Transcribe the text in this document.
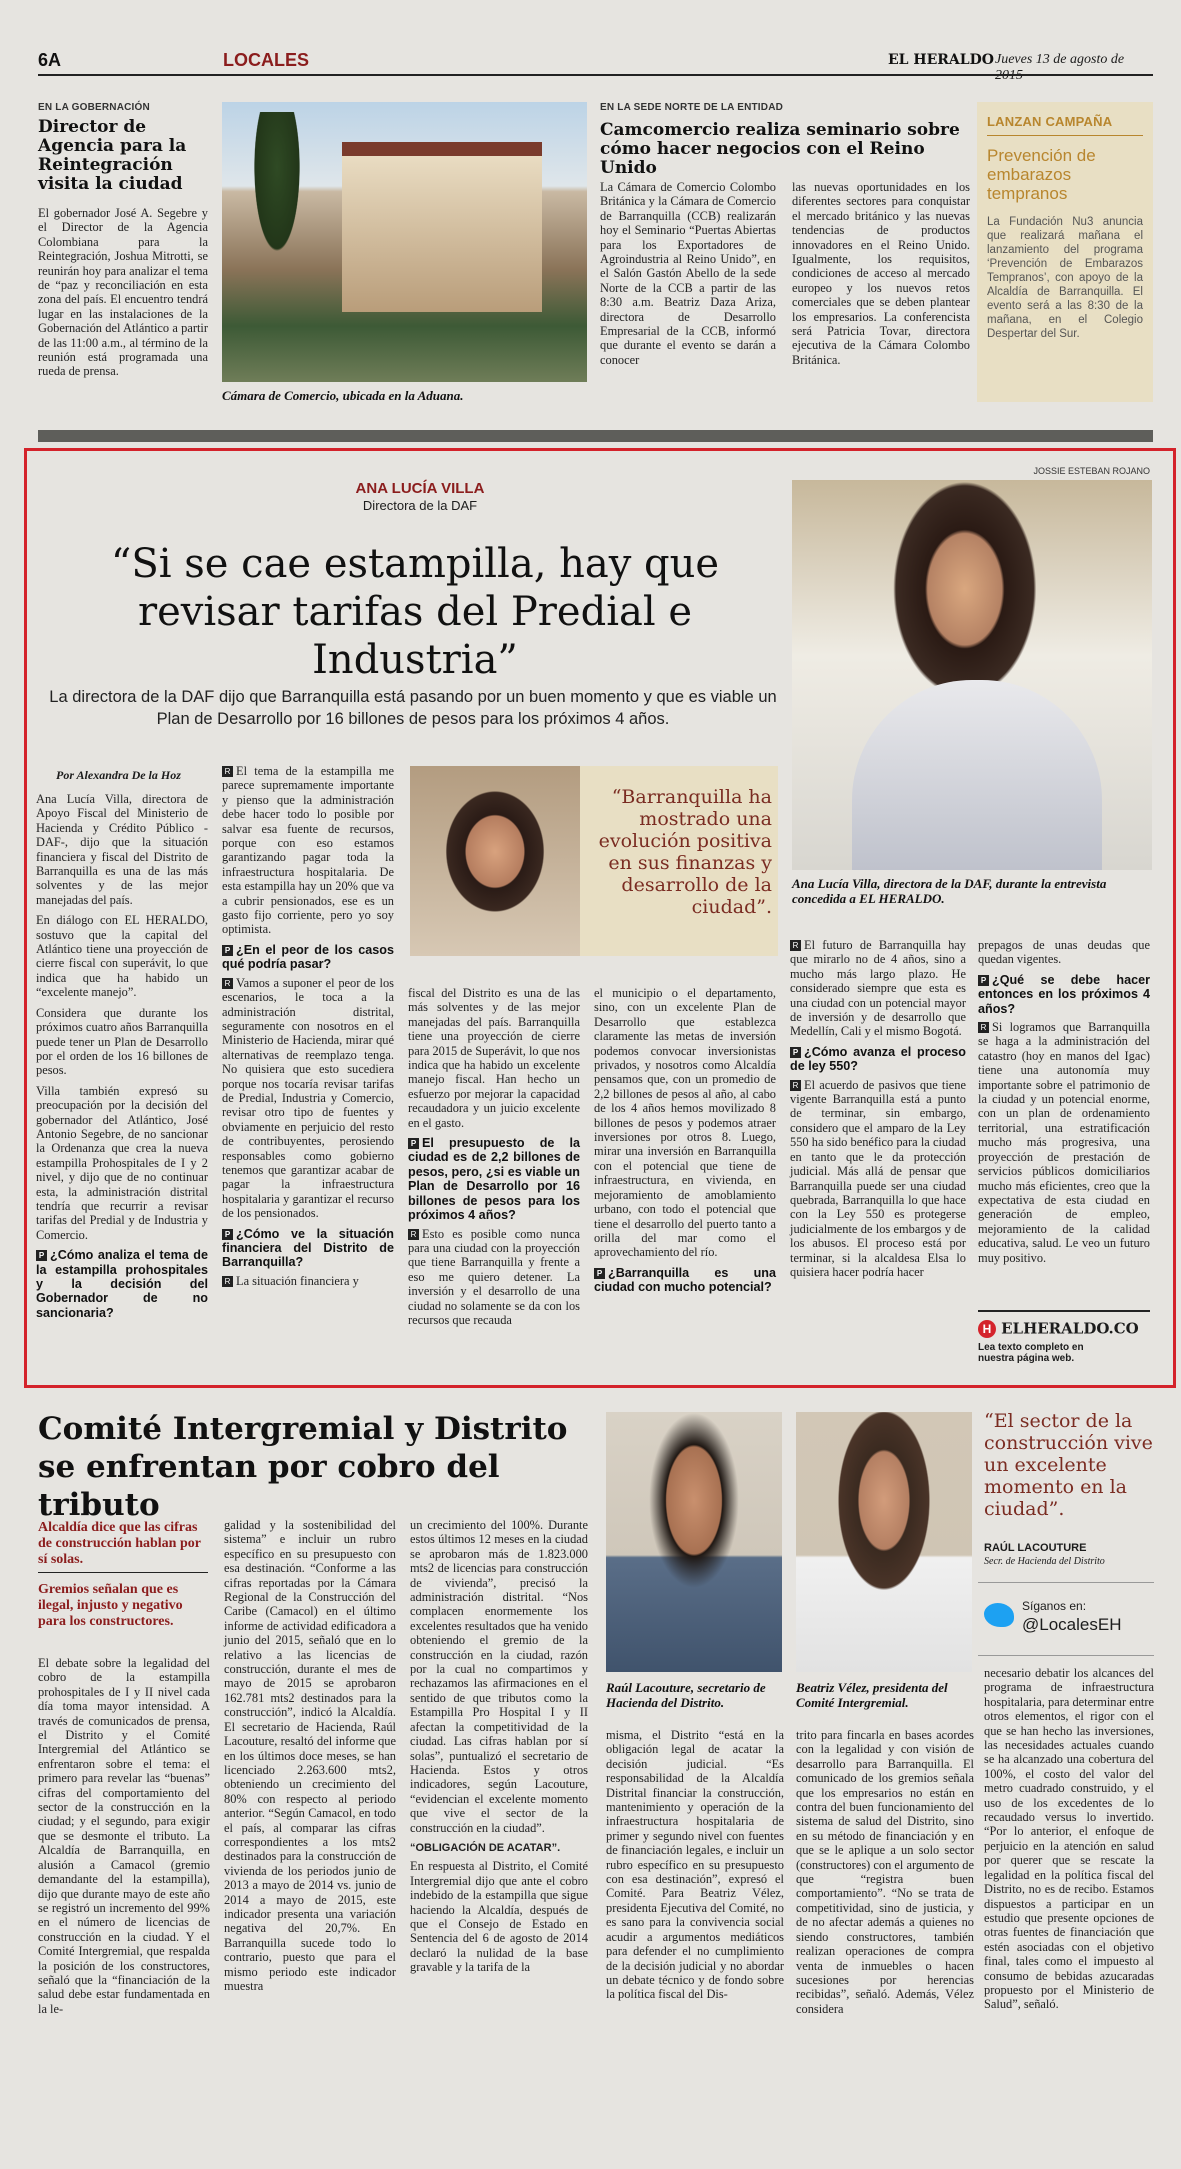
6A	LOCALES	EL HERALDO Jueves 13 de agosto de
EN LA GOBERNACIÓN
Director de Agencia para la Reintegración visita la ciudad
El gobernador José A. Segebre y el Director de la Agencia Colombiana para la Reintegración, Joshua Mitrotti, se reunirán hoy para analizar el tema de “paz y reconciliación en esta zona del país. El encuentro tendrá lugar en las instalaciones de la Gobernación del Atlántico a partir de las 11:00 a.m., al término de la reunión está programada una rueda de prensa.
Cámara de Comercio, ubicada en la Aduana.
EN LA SEDE NORTE DE LA ENTIDAD
Camcomercio realiza seminario sobre cómo hacer negocios con el Reino Unido
La Cámara de Comercio Colombo Británica y la Cámara de Comercio de Barranquilla (CCB) realizarán hoy el Seminario “Puertas Abiertas para los Exportadores de Agroindustria al Reino Unido”, en el Salón Gastón Abello de la sede Norte de la CCB a partir de las 8:30 a.m. Beatriz Daza Ariza, directora de Desarrollo Empresarial de la CCB, informó que durante el evento se darán a conocer
las nuevas oportunidades en los diferentes sectores para conquistar el mercado británico y las nuevas tendencias de productos innovadores en el Reino Unido. Igualmente, los requisitos, condiciones de acceso al mercado europeo y los nuevos retos comerciales que se deben plantear los empresarios. La conferencista será Patricia Tovar, directora ejecutiva de la Cámara Colombo Británica.
LANZAN CAMPAÑA
Prevención de embarazos tempranos
La Fundación Nu3 anuncia que realizará mañana el lanzamiento del programa ‘Prevención de Embarazos Tempranos’, con apoyo de la Alcaldía de Barranquilla. El evento será a las 8:30 de la mañana, en el Colegio Despertar del Sur.
ANA LUCÍA VILLA
Directora de la DAF
“Si se cae estampilla, hay que revisar tarifas del Predial e Industria”
La directora de la DAF dijo que Barranquilla está pasando por un buen momento y que es viable un Plan de Desarrollo por 16 billones de pesos para los próximos 4 años.
JOSSIE ESTEBAN ROJANO
Ana Lucía Villa, directora de la DAF, durante la entrevista concedida a EL HERALDO.
Por Alexandra De la Hoz

Ana Lucía Villa, directora de Apoyo Fiscal del Ministerio de Hacienda y Crédito Público -DAF-, dijo que la situación financiera y fiscal del Distrito de Barranquilla es una de las más solventes y de las mejor manejadas del país.

En diálogo con EL HERALDO, sostuvo que la capital del Atlántico tiene una proyección de cierre fiscal con superávit, lo que indica que ha habido un “excelente manejo”.

Considera que durante los próximos cuatro años Barranquilla puede tener un Plan de Desarrollo por el orden de los 16 billones de pesos.

Villa también expresó su preocupación por la decisión del gobernador del Atlántico, José Antonio Segebre, de no sancionar la Ordenanza que crea la nueva estampilla Prohospitales de I y 2 nivel, y dijo que de no continuar esta, la administración distrital tendría que recurrir a revisar tarifas del Predial y de Industria y Comercio.

P ¿Cómo analiza el tema de la estampilla prohospitales y la decisión del Gobernador de no sancionaria?

R El tema de la estampilla me parece supremamente importante y pienso que la administración debe hacer todo lo posible por salvar esa fuente de recursos, porque con eso estamos garantizando pagar toda la infraestructura hospitalaria. De esta estampilla hay un 20% que va a cubrir pensionados, ese es un gasto fijo corriente, pero yo soy optimista.

P ¿En el peor de los casos qué podría pasar?

R Vamos a suponer el peor de los escenarios, le toca a la administración distrital, seguramente con nosotros en el Ministerio de Hacienda, mirar qué alternativas de reemplazo tenga. No quisiera que esto sucediera porque nos tocaría revisar tarifas de Predial, Industria y Comercio, revisar otro tipo de fuentes y obviamente en perjuicio del resto de contribuyentes, perosiendo responsables como gobierno tenemos que garantizar acabar de pagar la infraestructura hospitalaria y garantizar el recurso de los pensionados.

P ¿Cómo ve la situación financiera del Distrito de Barranquilla?

R La situación financiera y

“Barranquilla ha mostrado una evolución positiva en sus finanzas y desarrollo de la ciudad”.

fiscal del Distrito es una de las más solventes y de las mejor manejadas del país. Barranquilla tiene una proyección de cierre para 2015 de Superávit, lo que nos indica que ha habido un excelente manejo fiscal. Han hecho un esfuerzo por mejorar la capacidad recaudadora y un juicio excelente en el gasto.

P El presupuesto de la ciudad es de 2,2 billones de pesos, pero, ¿si es viable un Plan de Desarrollo por 16 billones de pesos para los próximos 4 años?

R Esto es posible como nunca para una ciudad con la proyección que tiene Barranquilla y frente a eso me quiero detener. La inversión y el desarrollo de una ciudad no solamente se da con los recursos que recauda

el municipio o el departamento, sino, con un excelente Plan de Desarrollo que establezca claramente las metas de inversión podemos convocar inversionistas privados, y nosotros como Alcaldía pensamos que, con un promedio de 2,2 billones de pesos al año, al cabo de los 4 años hemos movilizado 8 billones de pesos y podemos atraer inversiones por otros 8. Luego, mirar una inversión en Barranquilla con el potencial que tiene de infraestructura, en vivienda, en mejoramiento de amoblamiento urbano, con todo el potencial que tiene el desarrollo del puerto tanto a orilla del mar como el aprovechamiento del río.

P ¿Barranquilla es una ciudad con mucho potencial?

R El futuro de Barranquilla hay que mirarlo no de 4 años, sino a mucho más largo plazo. He considerado siempre que esta es una ciudad con un potencial mayor de inversión y de desarrollo que Medellín, Cali y el mismo Bogotá.

P ¿Cómo avanza el proceso de ley 550?

R El acuerdo de pasivos que tiene vigente Barranquilla está a punto de terminar, sin embargo, considero que el amparo de la Ley 550 ha sido benéfico para la ciudad en tanto que le da protección judicial. Más allá de pensar que Barranquilla puede ser una ciudad quebrada, Barranquilla lo que hace con la Ley 550 es protegerse judicialmente de los embargos y de los abusos. El proceso está por terminar, si la alcaldesa Elsa lo quisiera hacer podría hacer

prepagos de unas deudas que quedan vigentes.

P ¿Qué se debe hacer entonces en los próximos 4 años?

R Si logramos que Barranquilla se haga a la administración del catastro (hoy en manos del Igac) tiene una autonomía muy importante sobre el patrimonio de la ciudad y un potencial enorme, con un plan de ordenamiento territorial, una estratificación mucho más progresiva, una proyección de prestación de servicios públicos domiciliarios mucho más eficientes, creo que la expectativa de esta ciudad en generación de empleo, mejoramiento de la calidad educativa, salud. Le veo un futuro muy positivo.

H ELHERALDO.CO
Lea texto completo en nuestra página web.
Comité Intergremial y Distrito se enfrentan por cobro del tributo
Alcaldía dice que las cifras de construcción hablan por sí solas.
Gremios señalan que es ilegal, injusto y negativo para los constructores.
El debate sobre la legalidad del cobro de la estampilla prohospitales de I y II nivel cada día toma mayor intensidad. A través de comunicados de prensa, el Distrito y el Comité Intergremial del Atlántico se enfrentaron sobre el tema: el primero para revelar las “buenas” cifras del comportamiento del sector de la construcción en la ciudad; y el segundo, para exigir que se desmonte el tributo. La Alcaldía de Barranquilla, en alusión a Camacol (gremio demandante del la estampilla), dijo que durante mayo de este año se registró un incremento del 99% en el número de licencias de construcción en la ciudad. Y el Comité Intergremial, que respalda la posición de los constructores, señaló que la “financiación de la salud debe estar fundamentada en la le-
galidad y la sostenibilidad del sistema” e incluir un rubro específico en su presupuesto con esa destinación. “Conforme a las cifras reportadas por la Cámara Regional de la Construcción del Caribe (Camacol) en el último informe de actividad edificadora a junio del 2015, señaló que en lo relativo a las licencias de construcción, durante el mes de mayo de 2015 se aprobaron 162.781 mts2 destinados para la construcción”, indicó la Alcaldía. El secretario de Hacienda, Raúl Lacouture, resaltó del informe que en los últimos doce meses, se han licenciado 2.263.600 mts2, obteniendo un crecimiento del 80% con respecto al periodo anterior. “Según Camacol, en todo el país, al comparar las cifras correspondientes a los mts2 destinados para la construcción de vivienda de los periodos junio de 2013 a mayo de 2014 vs. junio de 2014 a mayo de 2015, este indicador presenta una variación negativa del 20,7%. En Barranquilla sucede todo lo contrario, puesto que para el mismo periodo este indicador muestra

un crecimiento del 100%. Durante estos últimos 12 meses en la ciudad se aprobaron más de 1.823.000 mts2 de licencias para construcción de vivienda”, precisó la administración distrital. “Nos complacen enormemente los excelentes resultados que ha venido obteniendo el gremio de la construcción en la ciudad, razón por la cual no compartimos y rechazamos las afirmaciones en el sentido de que tributos como la Estampilla Pro Hospital I y II afectan la competitividad de la ciudad. Las cifras hablan por sí solas”, puntualizó el secretario de Hacienda. Estos y otros indicadores, según Lacouture, “evidencian el excelente momento que vive el sector de la construcción en la ciudad”.

“OBLIGACIÓN DE ACATAR”.

En respuesta al Distrito, el Comité Intergremial dijo que ante el cobro indebido de la estampilla que sigue haciendo la Alcaldía, después de que el Consejo de Estado en Sentencia del 6 de agosto de 2014 declaró la nulidad de la base gravable y la tarifa de la

Raúl Lacouture, secretario de Hacienda del Distrito.
Beatriz Vélez, presidenta del Comité Intergremial.
misma, el Distrito “está en la obligación legal de acatar la decisión judicial. “Es responsabilidad de la Alcaldía Distrital financiar la construcción, mantenimiento y operación de la infraestructura hospitalaria de primer y segundo nivel con fuentes de financiación legales, e incluir un rubro específico en su presupuesto con esa destinación”, expresó el Comité. Para Beatriz Vélez, presidenta Ejecutiva del Comité, no es sano para la convivencia social acudir a argumentos mediáticos para defender el no cumplimiento de la decisión judicial y no abordar un debate técnico y de fondo sobre la política fiscal del Dis-
trito para fincarla en bases acordes con la legalidad y con visión de desarrollo para Barranquilla. El comunicado de los gremios señala que los empresarios no están en contra del buen funcionamiento del sistema de salud del Distrito, sino en su método de financiación y en que se le aplique a un solo sector (constructores) con el argumento de que “registra buen comportamiento”. “No se trata de competitividad, sino de justicia, y de no afectar además a quienes no siendo constructores, también realizan operaciones de compra venta de inmuebles o hacen sucesiones por herencias recibidas”, señaló. Además, Vélez considera
“El sector de la construcción vive un excelente momento en la ciudad”.
RAÚL LACOUTURE
Secr. de Hacienda del Distrito
Síganos en:
@LocalesEH
necesario debatir los alcances del programa de infraestructura hospitalaria, para determinar entre otros elementos, el rigor con el que se han hecho las inversiones, las necesidades actuales cuando se ha alcanzado una cobertura del 100%, el costo del valor del metro cuadrado construido, y el uso de los excedentes de lo recaudado versus lo invertido. “Por lo anterior, el enfoque de perjuicio en la atención en salud por querer que se rescate la legalidad en la política fiscal del Distrito, no es de recibo. Estamos dispuestos a participar en un estudio que presente opciones de otras fuentes de financiación que estén asociadas con el objetivo final, tales como el impuesto al consumo de bebidas azucaradas propuesto por el Ministerio de Salud”, señaló.
